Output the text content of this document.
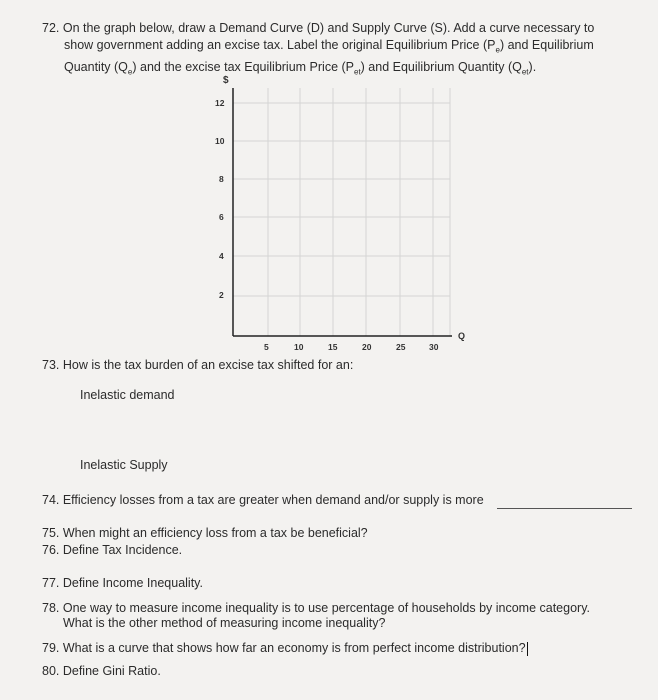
72. On the graph below, draw a Demand Curve (D) and Supply Curve (S). Add a curve necessary to
show government adding an excise tax. Label the original Equilibrium Price $(P_e)$ and Equilibrium
Quantity $(Q_e)$ and the excise tax Equilibrium Price $(P_{et})$ and Equilibrium Quantity $(Q_{et})$.
$
Q
12
10
8
6
4
2
5	10	15	20	25	30
73. How is the tax burden of an excise tax shifted for an:
Inelastic demand
Inelastic Supply
74. Efficiency losses from a tax are greater when demand and/or supply is more
75. When might an efficiency loss from a tax be beneficial?
76. Define Tax Incidence.
77. Define Income Inequality.
78. One way to measure income inequality is to use percentage of households by income category.
What is the other method of measuring income inequality?
79. What is a curve that shows how far an economy is from perfect income distribution?
80. Define Gini Ratio.
